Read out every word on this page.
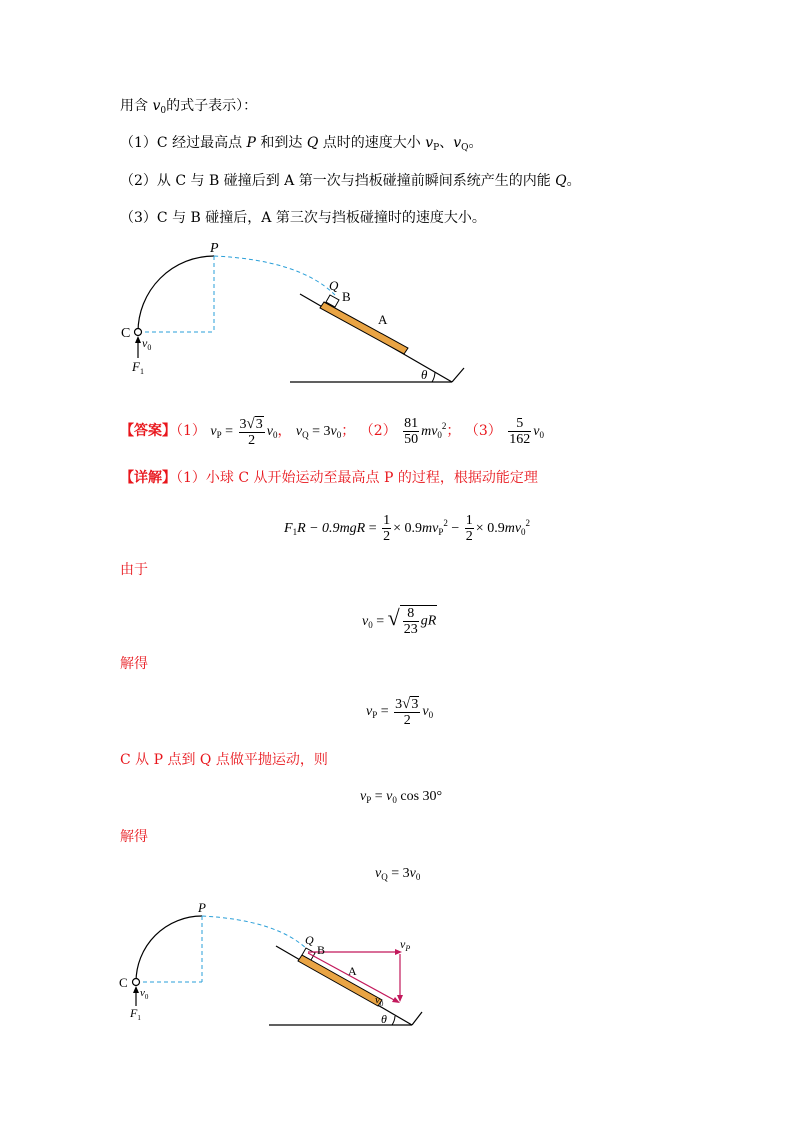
用含 $v_0$的式子表示）：
（1）C 经过最高点 P 和到达 Q 点时的速度大小 $v_P$、$v_Q$。
（2）从 C 与 B 碰撞后到 A 第一次与挡板碰撞前瞬间系统产生的内能 Q。
（3）C 与 B 碰撞后，A 第三次与挡板碰撞时的速度大小。
P
Q
B
A
C
$v_0$
$F_1$	θ
【答案】（1） $v_P = \frac{3√3}{2} v_0$， $v_Q = 3v_0$； $(2) \frac{81}{50} mv_0^2$； $(3) \frac{5}{162} v_0$
【详解】（1）小球 C 从开始运动至最高点 P 的过程，根据动能定理
$F_1R - 0.9mgR = \frac{1}{2} \times 0.9mv_P^2 - \frac{1}{2} \times 0.9mv_0^2$
由于
$v_0$ = √ $\frac{8}{23}$ gR
解得
$v_P = \frac{3√3}{2} v_0$
C 从 P 点到 Q 点做平抛运动，则
$v_P = v_0$ cos 30°
解得
$v_Q = 3v_0$
P
Q
B
A
$v_P$
$v_0$
C
$v_0$
$F_1$	θ
